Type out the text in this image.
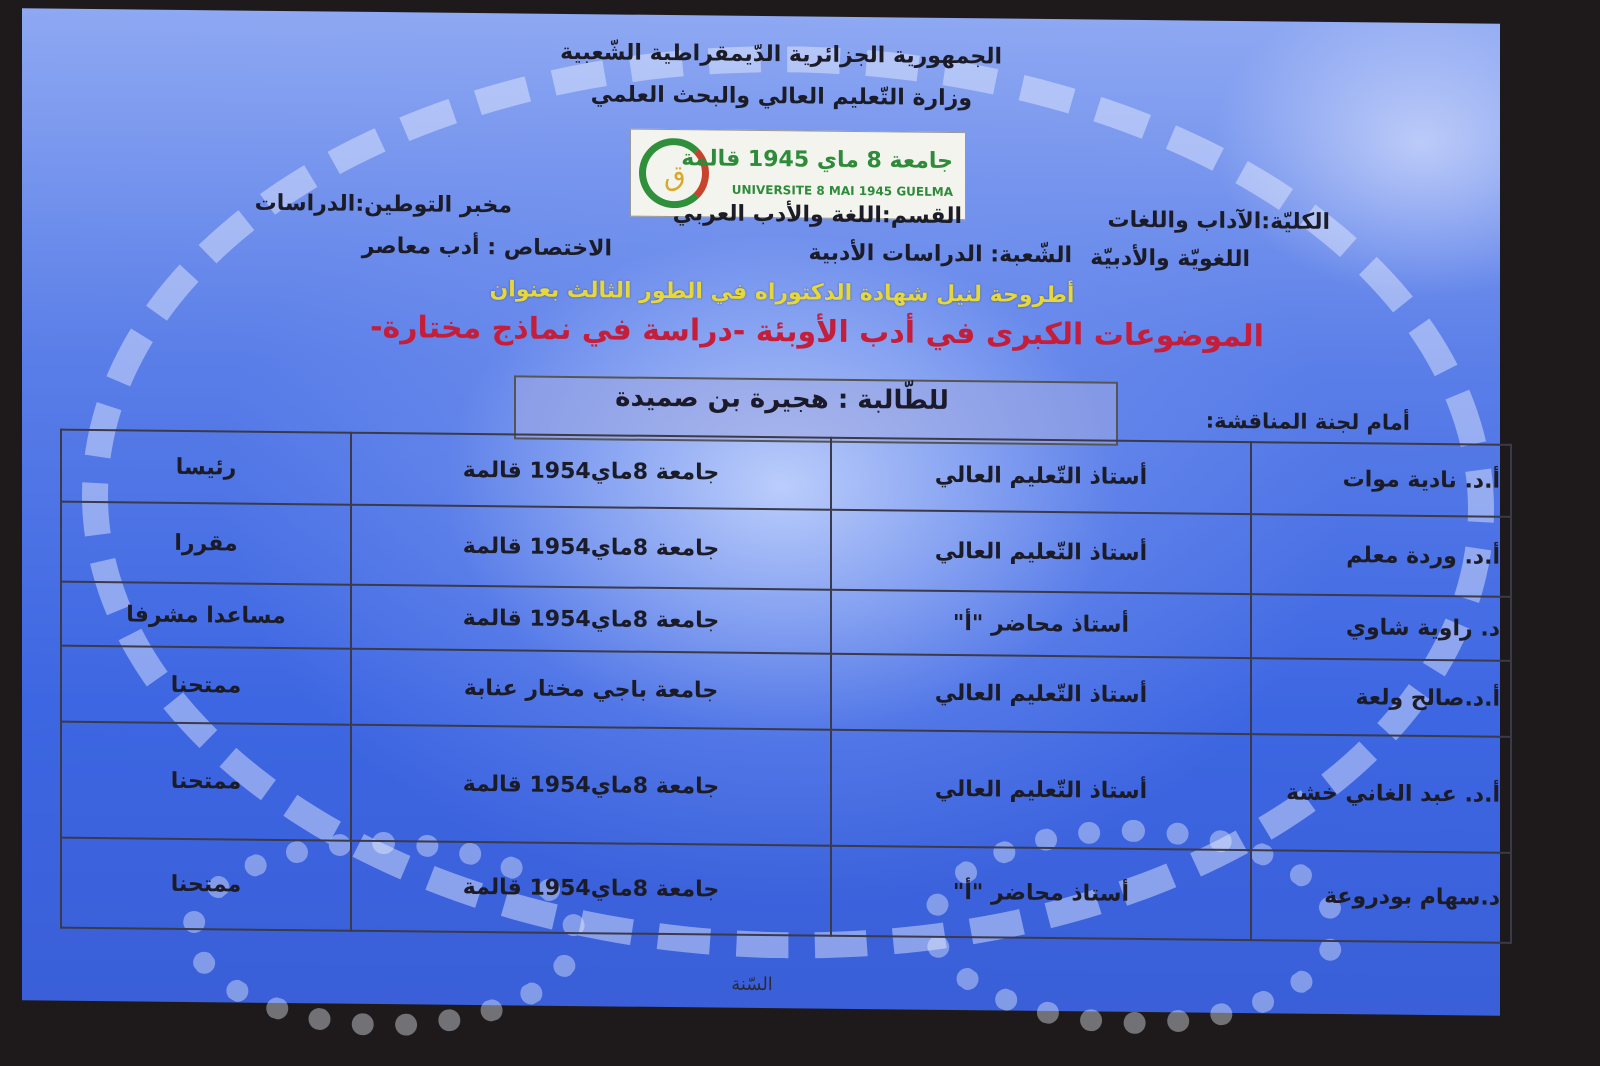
الجمهورية الجزائرية الدّيمقراطية الشّعبية
وزارة التّعليم العالي والبحث العلمي
ق
جامعة 8 ماي 1945 قالمة
UNIVERSITE 8 MAI 1945 GUELMA
الكليّة:الآداب واللغات
القسم:اللغة والأدب العربي
مخبر التوطين:الدراسات
اللغويّة والأدبيّة
الشّعبة: الدراسات الأدبية
الاختصاص : أدب معاصر
أطروحة لنيل شهادة الدكتوراه في الطور الثالث بعنوان
الموضوعات الكبرى في أدب الأوبئة -دراسة في نماذج مختارة-
للطّالبة : هجيرة بن صميدة
أمام لجنة المناقشة:
أ.د. نادية موات	أستاذ التّعليم العالي	جامعة 8ماي1954 قالمة	رئيسا
أ.د. وردة معلم	أستاذ التّعليم العالي	جامعة 8ماي1954 قالمة	مقررا
د. راوية شاوي	أستاذ محاضر "أ"	جامعة 8ماي1954 قالمة	مساعدا مشرفا
أ.د.صالح ولعة	أستاذ التّعليم العالي	جامعة باجي مختار عنابة	ممتحنا
أ.د. عبد الغاني خشة	أستاذ التّعليم العالي	جامعة 8ماي1954 قالمة	ممتحنا
د.سهام بودروعة	أستاذ محاضر "أ"	جامعة 8ماي1954 قالمة	ممتحنا
السّنة
